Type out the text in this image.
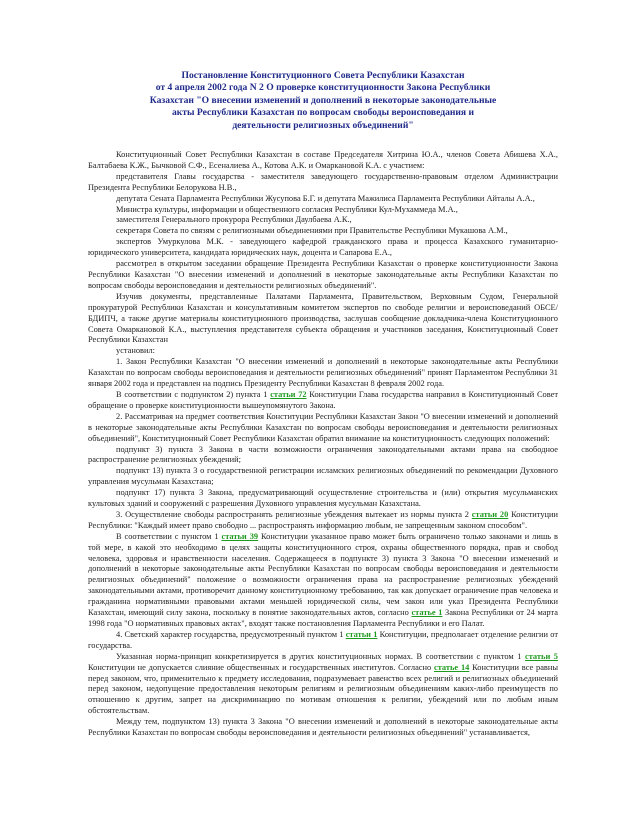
Постановление Конституционного Совета Республики Казахстан
от 4 апреля 2002 года N 2 О проверке конституционности Закона Республики
Казахстан "О внесении изменений и дополнений в некоторые законодательные
акты Республики Казахстан по вопросам свободы вероисповедания и
деятельности религиозных объединений"

Конституционный Совет Республики Казахстан в составе Председателя Хитрина Ю.А., членов Совета Абишева Х.А., Балтабаева К.Ж., Бычковой С.Ф., Есеналиева А., Котова А.К. и Омаркановой К.А. с участием:

представителя Главы государства - заместителя заведующего государственно-правовым отделом Администрации Президента Республики Белорукова Н.В.,

депутата Сената Парламента Республики Жусупова Б.Г. и депутата Мажилиса Парламента Республики Айталы А.А.,

Министра культуры, информации и общественного согласия Республики Кул-Мухаммеда М.А.,

заместителя Генерального прокурора Республики Даулбаева А.К.,

секретаря Совета по связям с религиозными объединениями при Правительстве Республики Мукашова А.М.,

экспертов Умуркулова М.К. - заведующего кафедрой гражданского права и процесса Казахского гуманитарно-юридического университета, кандидата юридических наук, доцента и Сапарова Е.А.,

рассмотрел в открытом заседании обращение Президента Республики Казахстан о проверке конституционности Закона Республики Казахстан "О внесении изменений и дополнений в некоторые законодательные акты Республики Казахстан по вопросам свободы вероисповедания и деятельности религиозных объединений".

Изучив документы, представленные Палатами Парламента, Правительством, Верховным Судом, Генеральной прокуратурой Республики Казахстан и консультативным комитетом экспертов по свободе религии и вероисповеданий ОБСЕ/БДИПЧ, а также другие материалы конституционного производства, заслушав сообщение докладчика-члена Конституционного Совета Омаркановой К.А., выступления представителя субъекта обращения и участников заседания, Конституционный Совет Республики Казахстан

установил:

1. Закон Республики Казахстан "О внесении изменений и дополнений в некоторые законодательные акты Республики Казахстан по вопросам свободы вероисповедания и деятельности религиозных объединений" принят Парламентом Республики 31 января 2002 года и представлен на подпись Президенту Республики Казахстан 8 февраля 2002 года.

В соответствии с подпунктом 2) пункта 1 статьи 72 Конституции Глава государства направил в Конституционный Совет обращение о проверке конституционности вышеупомянутого Закона.

2. Рассматривая на предмет соответствия Конституции Республики Казахстан Закон "О внесении изменений и дополнений в некоторые законодательные акты Республики Казахстан по вопросам свободы вероисповедания и деятельности религиозных объединений", Конституционный Совет Республики Казахстан обратил внимание на конституционность следующих положений:

подпункт 3) пункта 3 Закона в части возможности ограничения законодательными актами права на свободное распространение религиозных убеждений;

подпункт 13) пункта 3 о государственной регистрации исламских религиозных объединений по рекомендации Духовного управления мусульман Казахстана;

подпункт 17) пункта 3 Закона, предусматривающий осуществление строительства и (или) открытия мусульманских культовых зданий и сооружений с разрешения Духовного управления мусульман Казахстана.

3. Осуществление свободы распространять религиозные убеждения вытекает из нормы пункта 2 статьи 20 Конституции Республики: "Каждый имеет право свободно ... распространять информацию любым, не запрещенным законом способом".

В соответствии с пунктом 1 статьи 39 Конституции указанное право может быть ограничено только законами и лишь в той мере, в какой это необходимо в целях защиты конституционного строя, охраны общественного порядка, прав и свобод человека, здоровья и нравственности населения. Содержащееся в подпункте 3) пункта 3 Закона "О внесении изменений и дополнений в некоторые законодательные акты Республики Казахстан по вопросам свободы вероисповедания и деятельности религиозных объединений" положение о возможности ограничения права на распространение религиозных убеждений законодательными актами, противоречит данному конституционному требованию, так как допускает ограничение прав человека и гражданина нормативными правовыми актами меньшей юридической силы, чем закон или указ Президента Республики Казахстан, имеющий силу закона, поскольку в понятие законодательных актов, согласно статье 1 Закона Республики от 24 марта 1998 года "О нормативных правовых актах", входят также постановления Парламента Республики и его Палат.

4. Светский характер государства, предусмотренный пунктом 1 статьи 1 Конституции, предполагает отделение религии от государства.

Указанная норма-принцип конкретизируется в других конституционных нормах. В соответствии с пунктом 1 статьи 5 Конституции не допускается слияние общественных и государственных институтов. Согласно статье 14 Конституции все равны перед законом, что, применительно к предмету исследования, подразумевает равенство всех религий и религиозных объединений перед законом, недопущение предоставления некоторым религиям и религиозным объединениям каких-либо преимуществ по отношению к другим, запрет на дискриминацию по мотивам отношения к религии, убеждений или по любым иным обстоятельствам.

Между тем, подпунктом 13) пункта 3 Закона "О внесении изменений и дополнений в некоторые законодательные акты Республики Казахстан по вопросам свободы вероисповедания и деятельности религиозных объединений" устанавливается,
